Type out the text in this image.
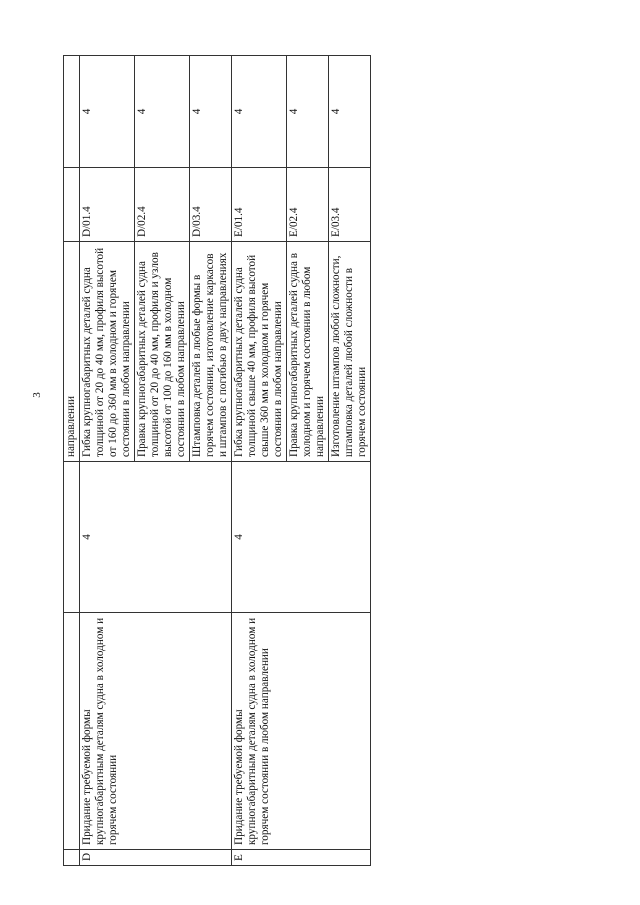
3
			направлении		
D	Придание требуемой формы крупногабаритным деталям судна в холодном и горячем состоянии	4	Гибка крупногабаритных деталей судна толщиной от 20 до 40 мм, профиля высотой от 160 до 360 мм в холодном и горячем состоянии в любом направлении	D/01.4	4
			Правка крупногабаритных деталей судна толщиной от 20 до 40 мм, профиля и узлов высотой от 100 до 160 мм в холодном состоянии в любом направлении	D/02.4	4
			Штамповка деталей в любые формы в горячем состоянии, изготовление каркасов и штампов с погибью в двух направлениях	D/03.4	4
E	Придание требуемой формы крупногабаритным деталям судна в холодном и горячем состоянии в любом направлении	4	Гибка крупногабаритных деталей судна толщиной свыше 40 мм, профиля высотой свыше 360 мм в холодном и горячем состоянии в любом направлении	E/01.4	4
			Правка крупногабаритных деталей судна в холодном и горячем состоянии в любом направлении	E/02.4	4
			Изготовление штампов любой сложности, штамповка деталей любой сложности в горячем состоянии	E/03.4	4
